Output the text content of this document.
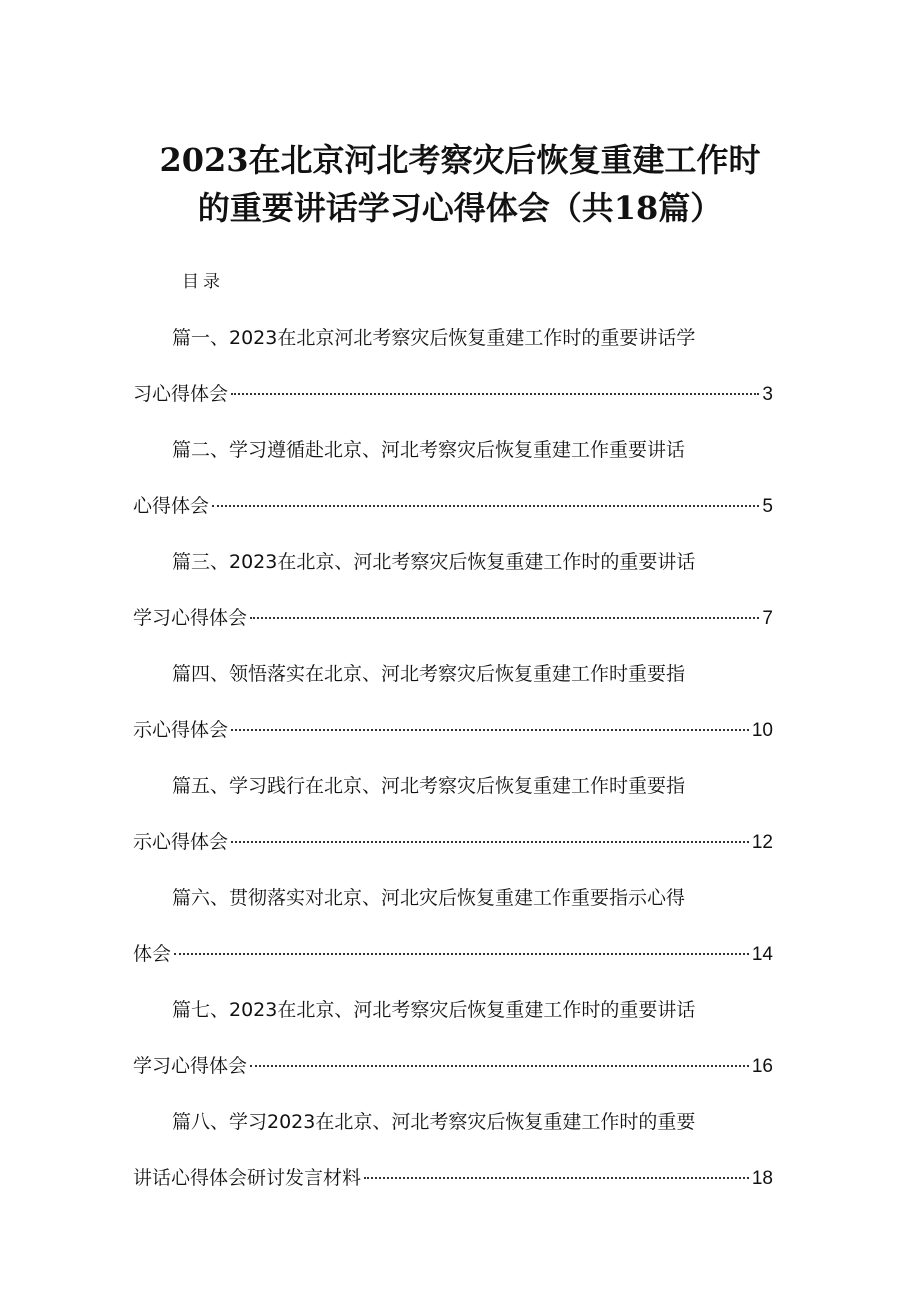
2023在北京河北考察灾后恢复重建工作时
的重要讲话学习心得体会（共18篇）
目录
篇一、2023在北京河北考察灾后恢复重建工作时的重要讲话学
习心得体会	3
篇二、学习遵循赴北京、河北考察灾后恢复重建工作重要讲话
心得体会	5
篇三、2023在北京、河北考察灾后恢复重建工作时的重要讲话
学习心得体会	7
篇四、领悟落实在北京、河北考察灾后恢复重建工作时重要指
示心得体会	10
篇五、学习践行在北京、河北考察灾后恢复重建工作时重要指
示心得体会	12
篇六、贯彻落实对北京、河北灾后恢复重建工作重要指示心得
体会	14
篇七、2023在北京、河北考察灾后恢复重建工作时的重要讲话
学习心得体会	16
篇八、学习2023在北京、河北考察灾后恢复重建工作时的重要
讲话心得体会研讨发言材料	18
